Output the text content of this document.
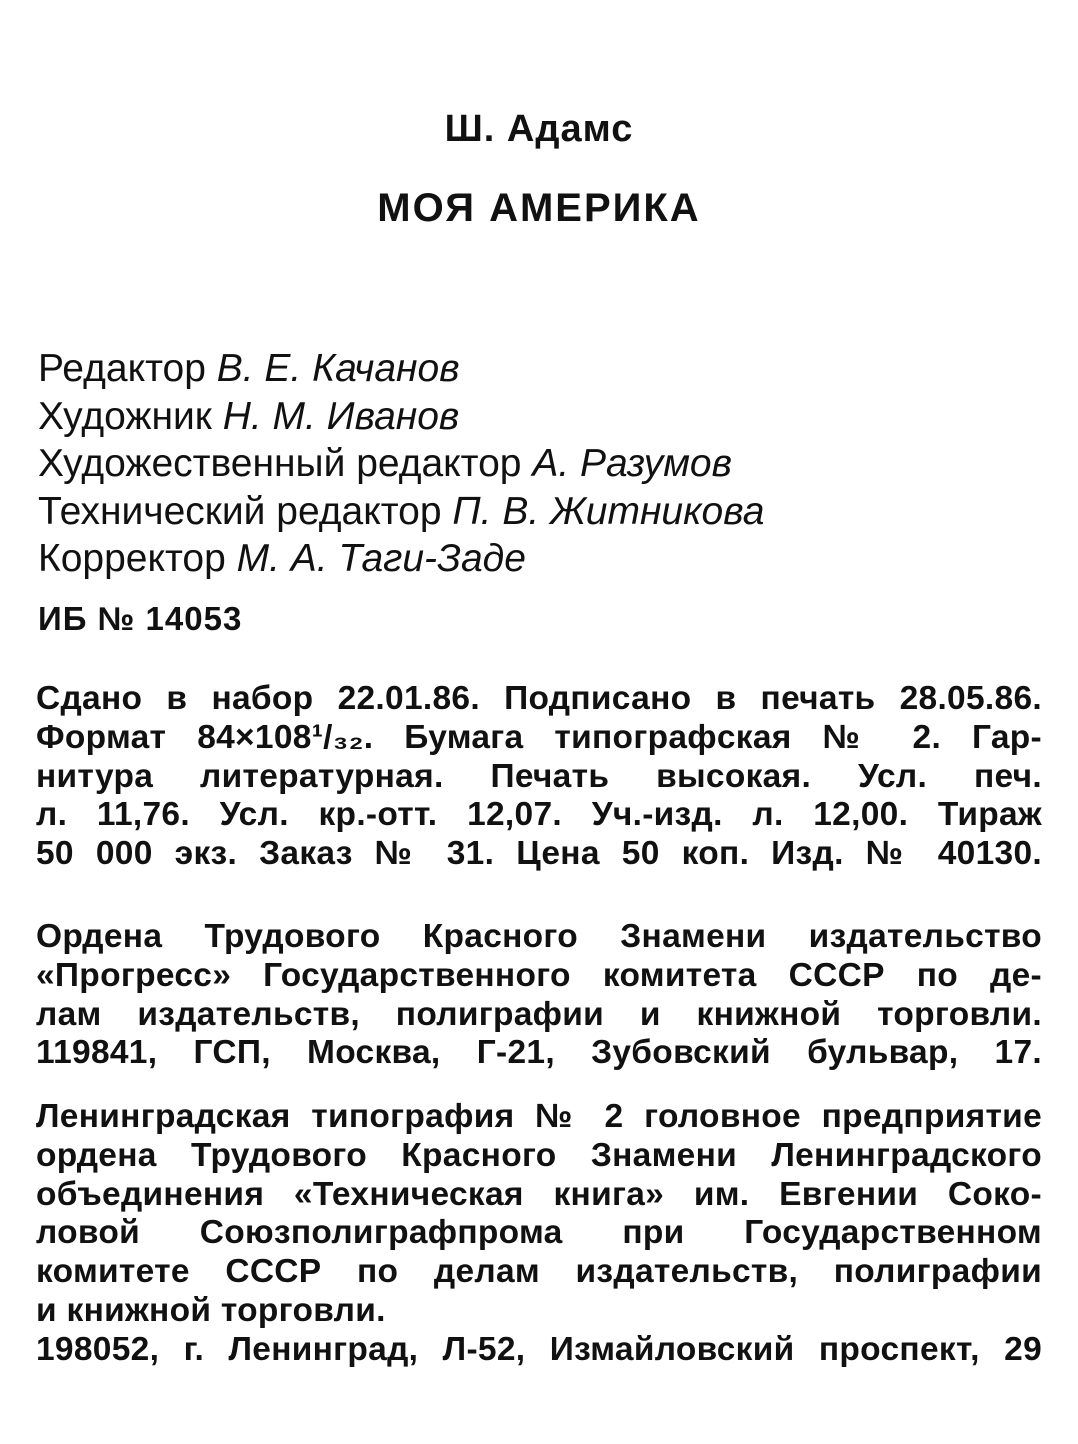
Ш. Адамс
МОЯ АМЕРИКА
Редактор В. Е. Качанов
Художник Н. М. Иванов
Художественный редактор А. Разумов
Технический редактор П. В. Житникова
Корректор М. А. Таги-Заде
ИБ № 14053
Сдано в набор 22.01.86. Подписано в печать 28.05.86.
Формат 84×108¹/₃₂. Бумага типографская № 2. Гар-
нитура литературная. Печать высокая. Усл. печ.
л. 11,76. Усл. кр.-отт. 12,07. Уч.-изд. л. 12,00. Тираж
50 000 экз. Заказ № 31. Цена 50 коп. Изд. № 40130.
Ордена Трудового Красного Знамени издательство
«Прогресс» Государственного комитета СССР по де-
лам издательств, полиграфии и книжной торговли.
119841, ГСП, Москва, Г-21, Зубовский бульвар, 17.
Ленинградская типография № 2 головное предприятие
ордена Трудового Красного Знамени Ленинградского
объединения «Техническая книга» им. Евгении Соко-
ловой Союзполиграфпрома при Государственном
комитете СССР по делам издательств, полиграфии
и книжной торговли.
198052, г. Ленинград, Л-52, Измайловский проспект, 29
